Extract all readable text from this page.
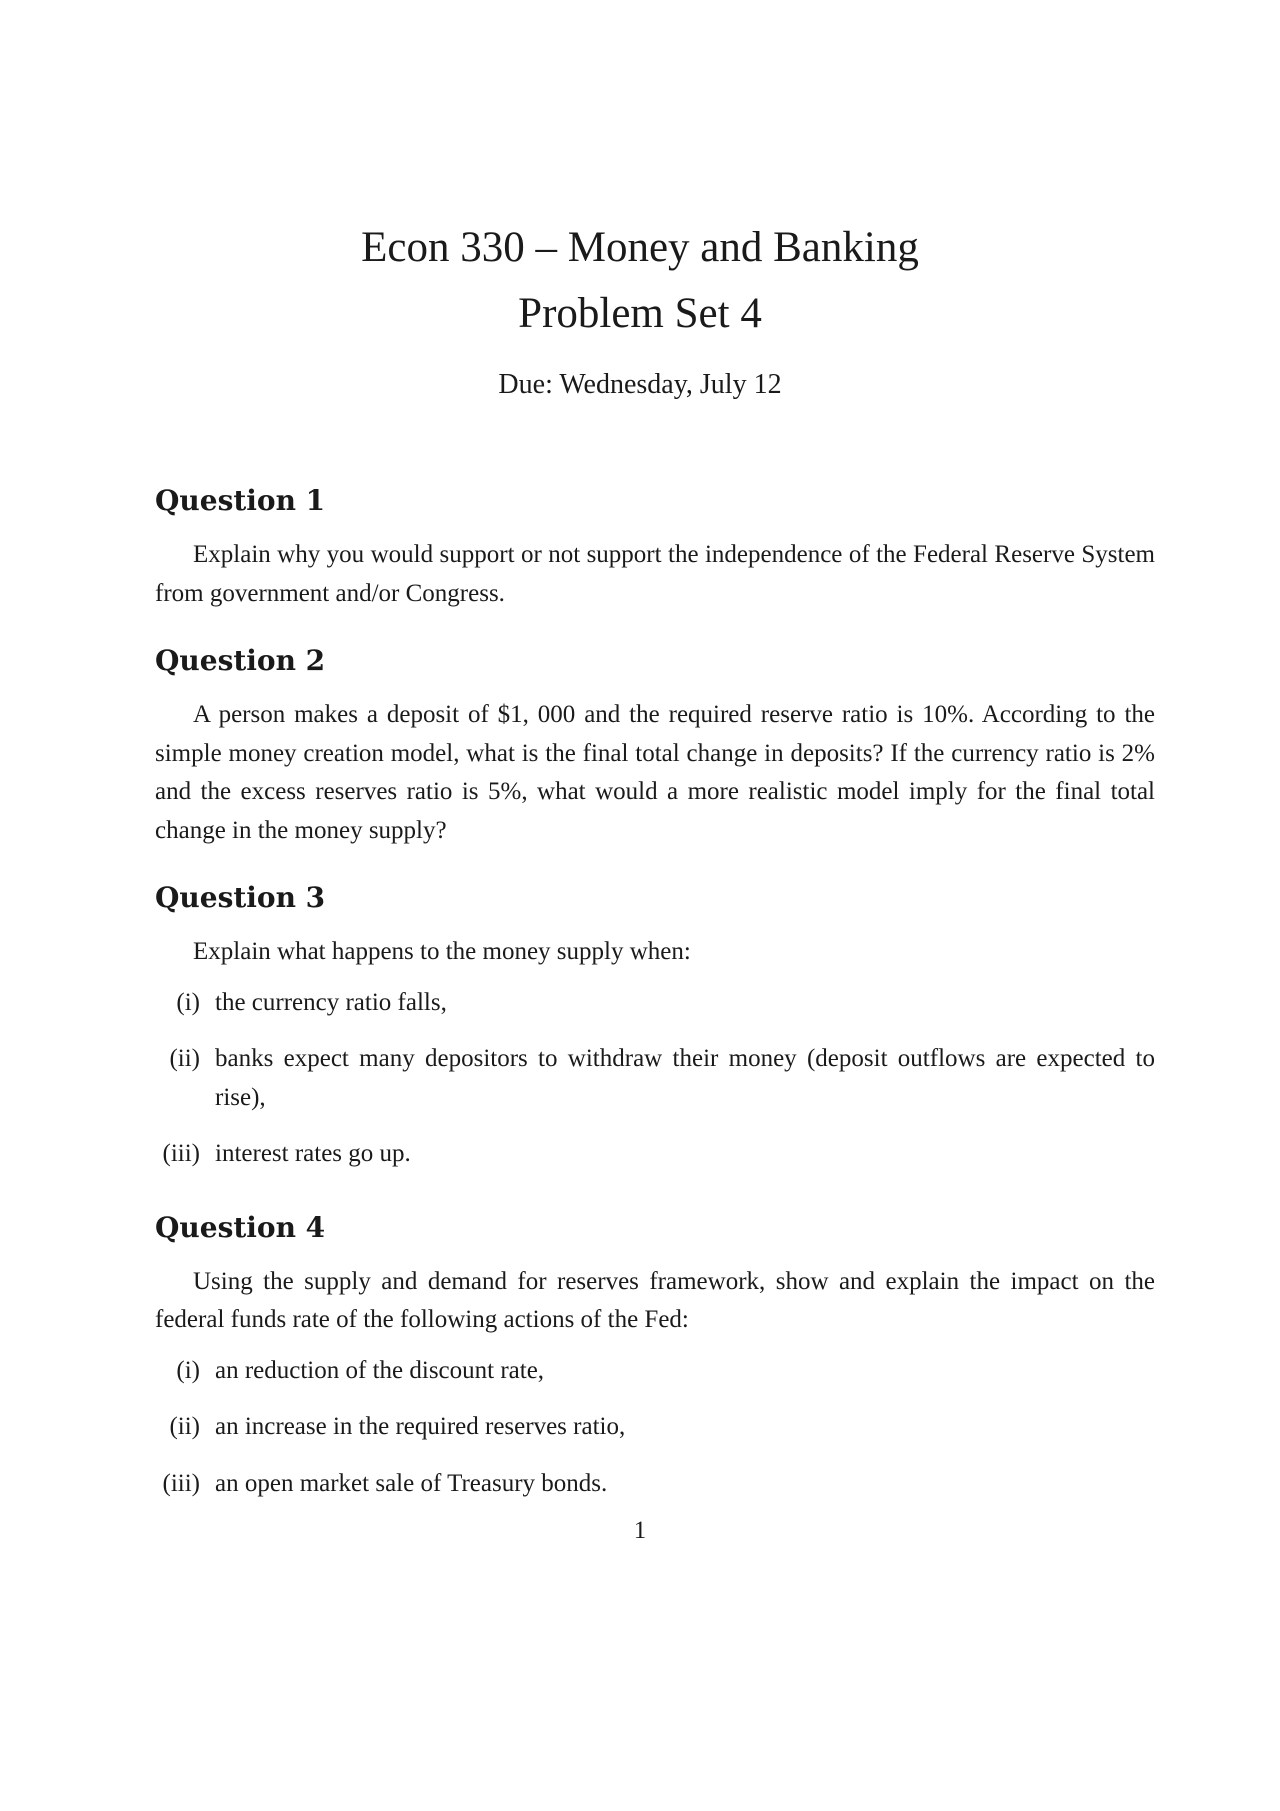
Econ 330 – Money and Banking
Problem Set 4
Due: Wednesday, July 12
Question 1

Explain why you would support or not support the independence of the Federal Reserve System from government and/or Congress.

Question 2

A person makes a deposit of $1, 000 and the required reserve ratio is 10%. According to the simple money creation model, what is the final total change in deposits? If the currency ratio is 2% and the excess reserves ratio is 5%, what would a more realistic model imply for the final total change in the money supply?

Question 3

Explain what happens to the money supply when:

(i) the currency ratio falls,
(ii) banks expect many depositors to withdraw their money (deposit outflows are expected to rise),
(iii) interest rates go up.
Question 4

Using the supply and demand for reserves framework, show and explain the impact on the federal funds rate of the following actions of the Fed:

(i) an reduction of the discount rate,
(ii) an increase in the required reserves ratio,
(iii) an open market sale of Treasury bonds.
1
